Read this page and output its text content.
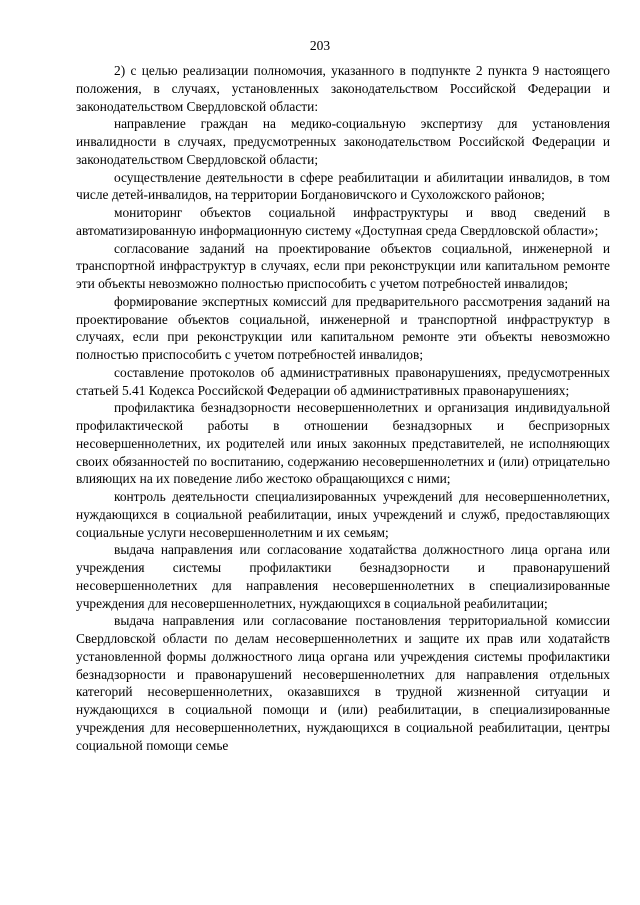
203

2) с целью реализации полномочия, указанного в подпункте 2 пункта 9 настоящего положения, в случаях, установленных законодательством Российской Федерации и законодательством Свердловской области:

направление граждан на медико-социальную экспертизу для установления инвалидности в случаях, предусмотренных законодательством Российской Федерации и законодательством Свердловской области;

осуществление деятельности в сфере реабилитации и абилитации инвалидов, в том числе детей-инвалидов, на территории Богдановичского и Сухоложского районов;

мониторинг объектов социальной инфраструктуры и ввод сведений в автоматизированную информационную систему «Доступная среда Свердловской области»;

согласование заданий на проектирование объектов социальной, инженерной и транспортной инфраструктур в случаях, если при реконструкции или капитальном ремонте эти объекты невозможно полностью приспособить с учетом потребностей инвалидов;

формирование экспертных комиссий для предварительного рассмотрения заданий на проектирование объектов социальной, инженерной и транспортной инфраструктур в случаях, если при реконструкции или капитальном ремонте эти объекты невозможно полностью приспособить с учетом потребностей инвалидов;

составление протоколов об административных правонарушениях, предусмотренных статьей 5.41 Кодекса Российской Федерации об административных правонарушениях;

профилактика безнадзорности несовершеннолетних и организация индивидуальной профилактической работы в отношении безнадзорных и беспризорных несовершеннолетних, их родителей или иных законных представителей, не исполняющих своих обязанностей по воспитанию, содержанию несовершеннолетних и (или) отрицательно влияющих на их поведение либо жестоко обращающихся с ними;

контроль деятельности специализированных учреждений для несовершеннолетних, нуждающихся в социальной реабилитации, иных учреждений и служб, предоставляющих социальные услуги несовершеннолетним и их семьям;

выдача направления или согласование ходатайства должностного лица органа или учреждения системы профилактики безнадзорности и правонарушений несовершеннолетних для направления несовершеннолетних в специализированные учреждения для несовершеннолетних, нуждающихся в социальной реабилитации;

выдача направления или согласование постановления территориальной комиссии Свердловской области по делам несовершеннолетних и защите их прав или ходатайств установленной формы должностного лица органа или учреждения системы профилактики безнадзорности и правонарушений несовершеннолетних для направления отдельных категорий несовершеннолетних, оказавшихся в трудной жизненной ситуации и нуждающихся в социальной помощи и (или) реабилитации, в специализированные учреждения для несовершеннолетних, нуждающихся в социальной реабилитации, центры социальной помощи семье
